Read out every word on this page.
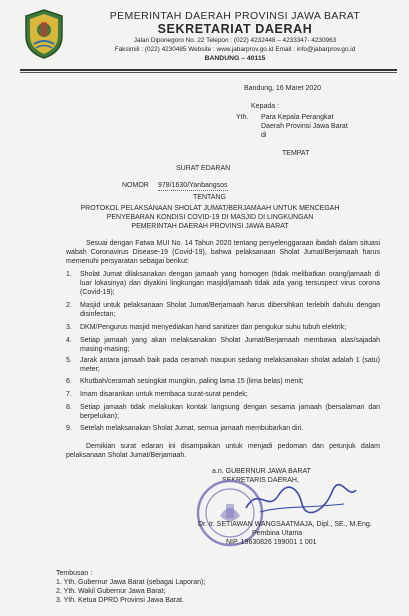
PEMERINTAH DAERAH PROVINSI JAWA BARAT
SEKRETARIAT DAERAH
Jalan Diponegoro No. 22 Telepon : (022) 4232448 – 4233347- 4230963
Faksimili : (022) 4230485 Website : www.jabarprov.go.id Email : info@jabarprov.go.id
BANDUNG – 40115
Bandung, 16 Maret 2020
Kepada :
Yth. Para Kepala Perangkat
Daerah Provinsi Jawa Barat
di
TEMPAT
SURAT EDARAN
NOMOR 978/1630/Yanbangsos
TENTANG
PROTOKOL PELAKSANAAN SHOLAT JUMAT/BERJAMAAH UNTUK MENCEGAH
PENYEBARAN KONDISI COVID-19 DI MASJID DI LINGKUNGAN
PEMERINTAH DAERAH PROVINSI JAWA BARAT
Sesuai dengan Fatwa MUI No. 14 Tahun 2020 tentang penyelenggaraan ibadah dalam situasi wabah Coronavirus Disease-19 (Covid-19), bahwa pelaksanaan Sholat Jumat/Berjamaah harus memenuhi persyaratan sebagai berikut:
1. Sholat Jumat dilaksanakan dengan jamaah yang homogen (tidak melibatkan orang/jamaah di luar lokasinya) dan diyakini lingkungan masjid/jamaah tidak ada yang tersuspect virus corona (Covid-19);
2. Masjid untuk pelaksanaan Sholat Jumat/Berjamaah harus dibersihkan terlebih dahulu dengan disinfectan;
3. DKM/Pengurus masjid menyediakan hand sanitizer dan pengukur suhu tubuh elektrik;
4. Setiap jamaah yang akan melaksanakan Sholat Jumat/Berjamaah membawa alas/sajadah masing-masing;
5. Jarak antara jamaah baik pada ceramah maupun sedang melaksanakan sholat adalah 1 (satu) meter;
6. Khutbah/ceramah sesingkat mungkin, paling lama 15 (lima belas) menit;
7. Imam disarankan untuk membaca surat-surat pendek;
8. Setiap jamaah tidak melakukan kontak langsung dengan sesama jamaah (bersalaman dan berpelukan);
9. Setelah melaksanakan Sholat Jumat, semua jamaah membubarkan diri.
Demikian surat edaran ini disampaikan untuk menjadi pedoman dan petunjuk dalam pelaksanaan Sholat Jumat/Berjamaah.
a.n. GUBERNUR JAWA BARAT
SEKRETARIS DAERAH,
Dr. Ir. SETIAWAN WANGSAATMAJA, Dipl., SE., M.Eng.
Pembina Utama
NIP. 19630826 199001 1 001
Tembusan :
1. Yth. Gubernur Jawa Barat (sebagai Laporan);
2. Yth. Wakil Gubernur Jawa Barat;
3. Yth. Ketua DPRD Provinsi Jawa Barat.
